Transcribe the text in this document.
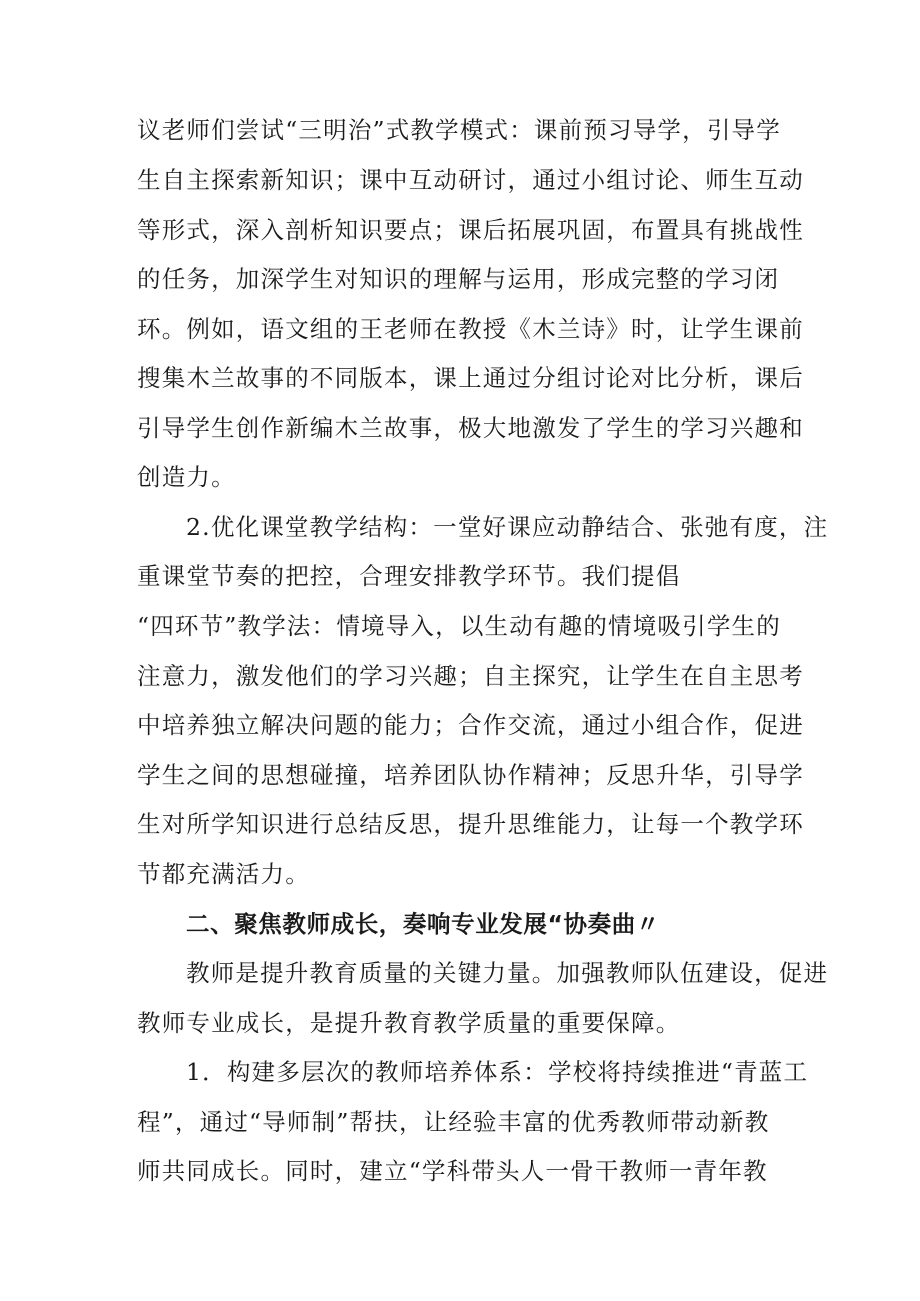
议老师们尝试“三明治”式教学模式：课前预习导学，引导学
生自主探索新知识；课中互动研讨，通过小组讨论、师生互动
等形式，深入剖析知识要点；课后拓展巩固，布置具有挑战性
的任务，加深学生对知识的理解与运用，形成完整的学习闭
环。例如，语文组的王老师在教授《木兰诗》时，让学生课前
搜集木兰故事的不同版本，课上通过分组讨论对比分析，课后
引导学生创作新编木兰故事，极大地激发了学生的学习兴趣和
创造力。
2.优化课堂教学结构：一堂好课应动静结合、张弛有度，注
重课堂节奏的把控，合理安排教学环节。我们提倡
“四环节”教学法：情境导入，以生动有趣的情境吸引学生的
注意力，激发他们的学习兴趣；自主探究，让学生在自主思考
中培养独立解决问题的能力；合作交流，通过小组合作，促进
学生之间的思想碰撞，培养团队协作精神；反思升华，引导学
生对所学知识进行总结反思，提升思维能力，让每一个教学环
节都充满活力。
二、聚焦教师成长，奏响专业发展“协奏曲〃
教师是提升教育质量的关键力量。加强教师队伍建设，促进
教师专业成长，是提升教育教学质量的重要保障。
1．构建多层次的教师培养体系：学校将持续推进“青蓝工
程”，通过“导师制”帮扶，让经验丰富的优秀教师带动新教
师共同成长。同时，建立“学科带头人一骨干教师一青年教
